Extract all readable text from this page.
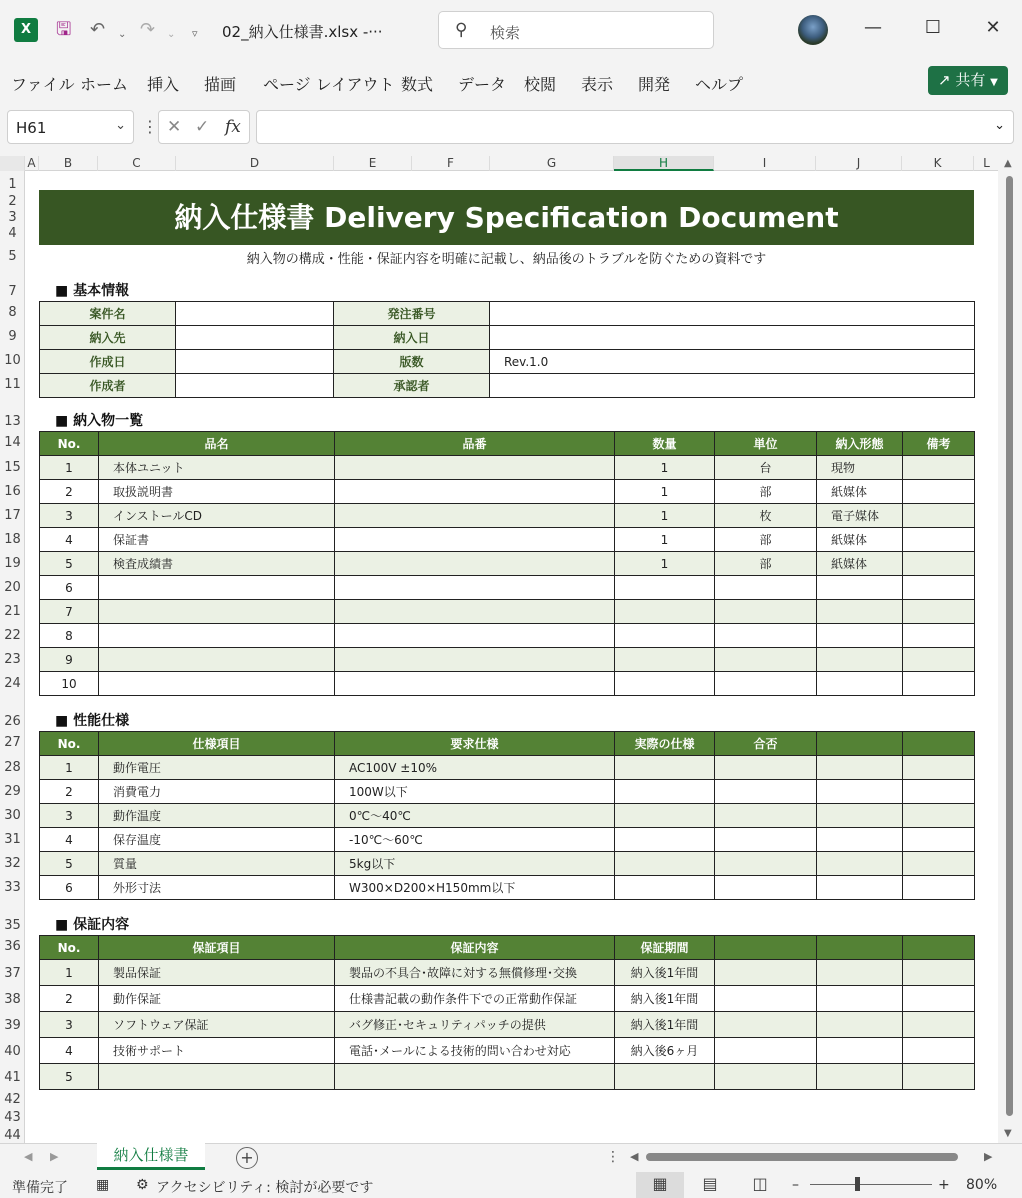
X	🖫 ↶ ⌄ ↷ ⌄ ▿ 02_納入仕様書.xlsx -···	⚲ 検索	—	☐	✕
ファイル ホーム 挿入 描画 ページ レイアウト 数式 データ 校閲 表示 開発 ヘルプ	↗ 共有 ▼
H61	⌄ ⋮ ✕ ✓ fx	⌄
A	B	C	D	E	F	G	H	I	J	K	L
1
2
3
4
5
7
8
9
10
11
13
14
15
16
17
18
19
20
21
22
23
24
26
27
28
29
30
31
32
33
35
36
37
38
39
40
41
42
43
44
納入仕様書 Delivery Specification Document
納入物の構成・性能・保証内容を明確に記載し、納品後のトラブルを防ぐための資料です
■ 基本情報
案件名		発注番号	
納入先		納入日	
作成日		版数	Rev.1.0
作成者		承認者	
■ 納入物一覧
No.	品名	品番	数量	単位	納入形態	備考
1	本体ユニット		1	台	現物	
2	取扱説明書		1	部	紙媒体	
3	インストールCD		1	枚	電子媒体	
4	保証書		1	部	紙媒体	
5	検査成績書		1	部	紙媒体	
6						
7						
8						
9						
10						
■ 性能仕様
No.	仕様項目	要求仕様	実際の仕様	合否		
1	動作電圧	AC100V ±10%				
2	消費電力	100W以下				
3	動作温度	0℃～40℃				
4	保存温度	-10℃～60℃				
5	質量	5kg以下				
6	外形寸法	W300×D200×H150mm以下				
■ 保証内容
No.	保証項目	保証内容	保証期間			
1	製品保証	製品の不具合･故障に対する無償修理･交換	納入後1年間			
2	動作保証	仕様書記載の動作条件下での正常動作保証	納入後1年間			
3	ソフトウェア保証	バグ修正･セキュリティパッチの提供	納入後1年間			
4	技術サポート	電話･メールによる技術的問い合わせ対応	納入後6ヶ月			
5						
▲
▼
◀ ▶	納入仕様書	+	⋮ ◀	▶
準備完了 ▦ ⚙ アクセシビリティ: 検討が必要です	▦	▤	◫	–	+ 80%
